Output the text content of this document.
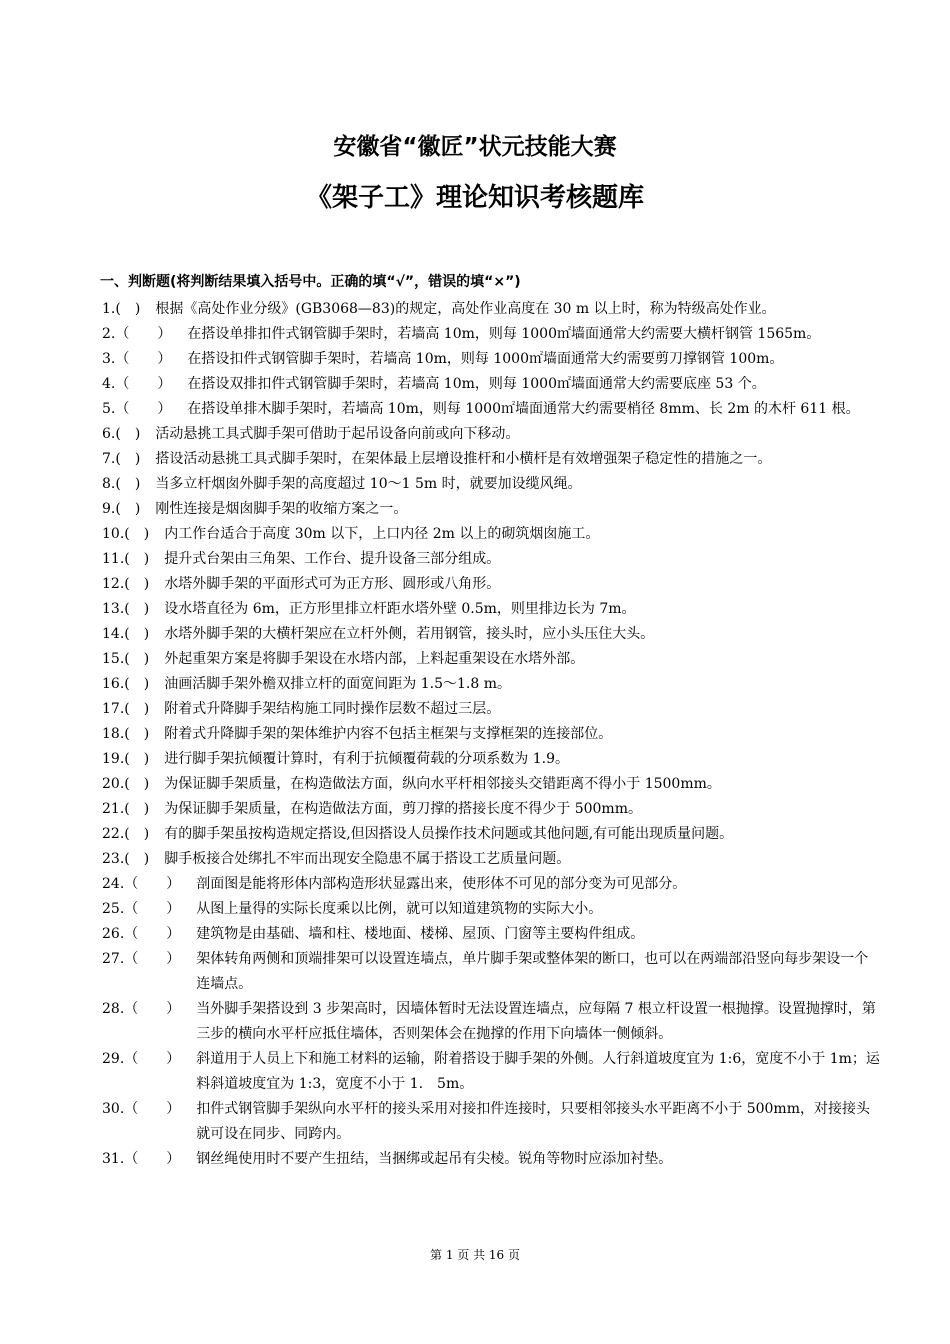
安徽省“徽匠”状元技能大赛
《架子工》理论知识考核题库
一、判断题(将判断结果填入括号中。正确的填“√”，错误的填“×”)
1. (　)	根据《高处作业分级》(GB3068—83)的规定，高处作业高度在 30 m 以上时，称为特级高处作业。
2. （　　）	在搭设单排扣件式钢管脚手架时，若墙高 10m，则每 1000㎡墙面通常大约需要大横杆钢管 1565m。
3. （　　）	在搭设扣件式钢管脚手架时，若墙高 10m，则每 1000㎡墙面通常大约需要剪刀撑钢管 100m。
4. （　　）	在搭设双排扣件式钢管脚手架时，若墙高 10m，则每 1000㎡墙面通常大约需要底座 53 个。
5. （　　）	在搭设单排木脚手架时，若墙高 10m，则每 1000㎡墙面通常大约需要梢径 8mm、长 2m 的木杆 611 根。
6. (　)	活动悬挑工具式脚手架可借助于起吊设备向前或向下移动。
7. (　)	搭设活动悬挑工具式脚手架时，在架体最上层增设推杆和小横杆是有效增强架子稳定性的措施之一。
8. (　)	当多立杆烟囱外脚手架的高度超过 10～1 5m 时，就要加设缆风绳。
9. (　)	刚性连接是烟囱脚手架的收缩方案之一。
10. (　)	内工作台适合于高度 30m 以下，上口内径 2m 以上的砌筑烟囱施工。
11. (　)	提升式台架由三角架、工作台、提升设备三部分组成。
12. (　)	水塔外脚手架的平面形式可为正方形、圆形或八角形。
13. (　)	设水塔直径为 6m，正方形里排立杆距水塔外壁 0.5m，则里排边长为 7m。
14. (　)	水塔外脚手架的大横杆架应在立杆外侧，若用钢管，接头时，应小头压住大头。
15. (　)	外起重架方案是将脚手架设在水塔内部，上料起重架设在水塔外部。
16. (　)	油画活脚手架外檐双排立杆的面宽间距为 1.5～1.8 m。
17. (　)	附着式升降脚手架结构施工同时操作层数不超过三层。
18. (　)	附着式升降脚手架的架体维护内容不包括主框架与支撑框架的连接部位。
19. (　)	进行脚手架抗倾覆计算时，有利于抗倾覆荷载的分项系数为 1.9。
20. (　)	为保证脚手架质量，在构造做法方面，纵向水平杆相邻接头交错距离不得小于 1500mm。
21. (　)	为保证脚手架质量，在构造做法方面，剪刀撑的搭接长度不得少于 500mm。
22. (　)	有的脚手架虽按构造规定搭设,但因搭设人员操作技术问题或其他问题,有可能出现质量问题。
23. (　)	脚手板接合处绑扎不牢而出现安全隐患不属于搭设工艺质量问题。
24. （　　）	剖面图是能将形体内部构造形状显露出来，使形体不可见的部分变为可见部分。
25. （　　）	从图上量得的实际长度乘以比例，就可以知道建筑物的实际大小。
26. （　　）	建筑物是由基础、墙和柱、楼地面、楼梯、屋顶、门窗等主要构件组成。
27. （　　）	架体转角两侧和顶端排架可以设置连墙点，单片脚手架或整体架的断口，也可以在两端部沿竖向每步架设一个连墙点。
28. （　　）	当外脚手架搭设到 3 步架高时，因墙体暂时无法设置连墙点，应每隔 7 根立杆设置一根抛撑。设置抛撑时，第三步的横向水平杆应抵住墙体，否则架体会在抛撑的作用下向墙体一侧倾斜。
29. （　　）	斜道用于人员上下和施工材料的运输，附着搭设于脚手架的外侧。人行斜道坡度宜为 1:6，宽度不小于 1m；运料斜道坡度宜为 1:3，宽度不小于 1.　5m。
30. （　　）	扣件式钢管脚手架纵向水平杆的接头采用对接扣件连接时，只要相邻接头水平距离不小于 500mm，对接接头就可设在同步、同跨内。
31. （　　）	钢丝绳使用时不要产生扭结，当捆绑或起吊有尖棱。锐角等物时应添加衬垫。
第 1 页 共 16 页
